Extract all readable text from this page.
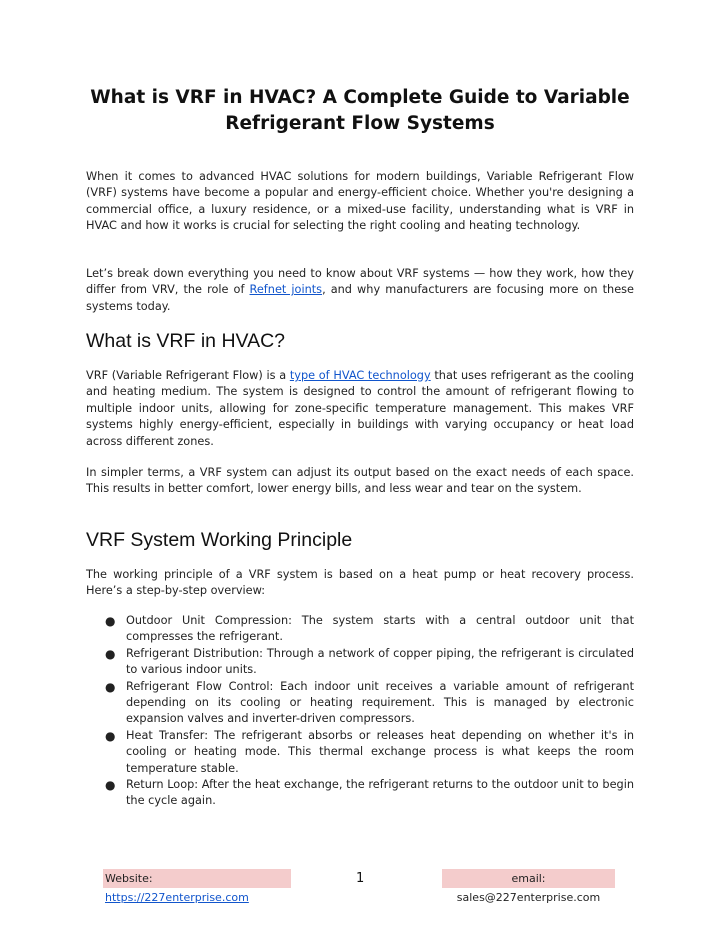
What is VRF in HVAC? A Complete Guide to Variable Refrigerant Flow Systems

When it comes to advanced HVAC solutions for modern buildings, Variable Refrigerant Flow (VRF) systems have become a popular and energy-efficient choice. Whether you're designing a commercial office, a luxury residence, or a mixed-use facility, understanding what is VRF in HVAC and how it works is crucial for selecting the right cooling and heating technology.

Let’s break down everything you need to know about VRF systems — how they work, how they differ from VRV, the role of Refnet joints, and why manufacturers are focusing more on these systems today.

What is VRF in HVAC?

VRF (Variable Refrigerant Flow) is a type of HVAC technology that uses refrigerant as the cooling and heating medium. The system is designed to control the amount of refrigerant flowing to multiple indoor units, allowing for zone-specific temperature management. This makes VRF systems highly energy-efficient, especially in buildings with varying occupancy or heat load across different zones.

In simpler terms, a VRF system can adjust its output based on the exact needs of each space. This results in better comfort, lower energy bills, and less wear and tear on the system.

VRF System Working Principle

The working principle of a VRF system is based on a heat pump or heat recovery process. Here’s a step-by-step overview:

● Outdoor Unit Compression: The system starts with a central outdoor unit that compresses the refrigerant.
● Refrigerant Distribution: Through a network of copper piping, the refrigerant is circulated to various indoor units.
● Refrigerant Flow Control: Each indoor unit receives a variable amount of refrigerant depending on its cooling or heating requirement. This is managed by electronic expansion valves and inverter-driven compressors.
● Heat Transfer: The refrigerant absorbs or releases heat depending on whether it's in cooling or heating mode. This thermal exchange process is what keeps the room temperature stable.
● Return Loop: After the heat exchange, the refrigerant returns to the outdoor unit to begin the cycle again.
Website: https://227enterprise.com
1	email: sales@227enterprise.com
